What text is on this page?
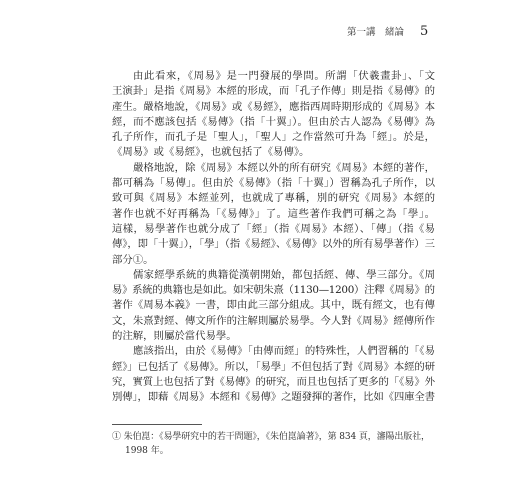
第一講　緒論 5
由此看來，《周易》是一門發展的學問。所謂「伏羲畫卦」、「文
王演卦」是指《周易》本經的形成，而「孔子作傳」則是指《易傳》的
產生。嚴格地說，《周易》或《易經》，應指西周時期形成的《周易》本
經，而不應該包括《易傳》（指「十翼」）。但由於古人認為《易傳》為
孔子所作，而孔子是「聖人」，「聖人」之作當然可升為「經」。於是，
《周易》或《易經》，也就包括了《易傳》。
嚴格地說，除《周易》本經以外的所有研究《周易》本經的著作，
都可稱為「易傳」。但由於《易傳》（指「十翼」）習稱為孔子所作，以
致可與《周易》本經並列，也就成了專稱，別的研究《周易》本經的
著作也就不好再稱為「《易傳》」了。這些著作我們可稱之為「學」。
這樣，易學著作也就分成了「經」（指《周易》本經）、「傳」（指《易
傳》，即「十翼」），「學」（指《易經》、《易傳》以外的所有易學著作）三
部分①。
儒家經學系統的典籍從漢朝開始，都包括經、傳、學三部分。《周
易》系統的典籍也是如此。如宋朝朱熹（1130—1200）注釋《周易》的
著作《周易本義》一書，即由此三部分組成。其中，既有經文，也有傳
文，朱熹對經、傳文所作的注解則屬於易學。今人對《周易》經傳所作
的注解，則屬於當代易學。
應該指出，由於《易傳》「由傳而經」的特殊性，人們習稱的「《易
經》」已包括了《易傳》。所以，「易學」不但包括了對《周易》本經的研
究，實質上也包括了對《易傳》的研究，而且也包括了更多的「《易》外
別傳」，即藉《周易》本經和《易傳》之題發揮的著作，比如《四庫全書
① 朱伯崑：《易學研究中的若干問題》，《朱伯崑論著》，第 834 頁，瀋陽出版社，
1998 年。
